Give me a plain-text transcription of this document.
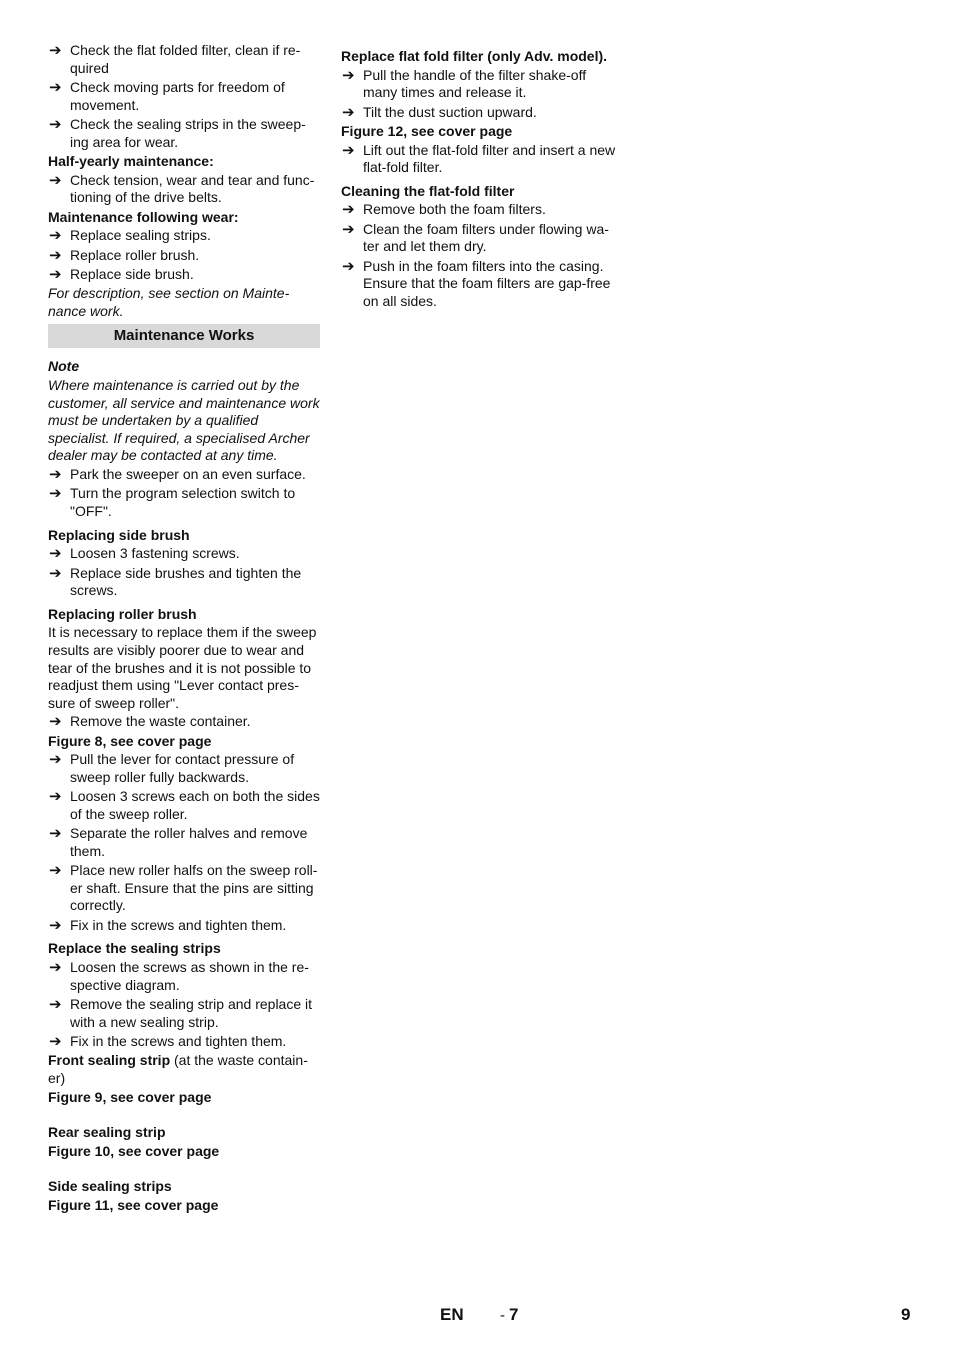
➔ Check the flat folded filter, clean if re-quired
➔ Check moving parts for freedom of movement.
➔ Check the sealing strips in the sweep-ing area for wear.
Half-yearly maintenance:
➔ Check tension, wear and tear and func-tioning of the drive belts.
Maintenance following wear:
➔ Replace sealing strips.
➔ Replace roller brush.
➔ Replace side brush.
For description, see section on Mainte-nance work.
Maintenance Works
Note
Where maintenance is carried out by the customer, all service and maintenance work must be undertaken by a qualified specialist. If required, a specialised Archer dealer may be contacted at any time.
➔ Park the sweeper on an even surface.
➔ Turn the program selection switch to "OFF".
Replacing side brush
➔ Loosen 3 fastening screws.
➔ Replace side brushes and tighten the screws.
Replacing roller brush
It is necessary to replace them if the sweep results are visibly poorer due to wear and tear of the brushes and it is not possible to readjust them using "Lever contact pres-sure of sweep roller".
➔ Remove the waste container.
Figure 8, see cover page
➔ Pull the lever for contact pressure of sweep roller fully backwards.
➔ Loosen 3 screws each on both the sides of the sweep roller.
➔ Separate the roller halves and remove them.
➔ Place new roller halfs on the sweep roll-er shaft. Ensure that the pins are sitting correctly.
➔ Fix in the screws and tighten them.
Replace the sealing strips
➔ Loosen the screws as shown in the re-spective diagram.
➔ Remove the sealing strip and replace it with a new sealing strip.
➔ Fix in the screws and tighten them.
Front sealing strip (at the waste contain-er)
Figure 9, see cover page
Rear sealing strip
Figure 10, see cover page
Side sealing strips
Figure 11, see cover page
Replace flat fold filter (only Adv. model).
➔ Pull the handle of the filter shake-off many times and release it.
➔ Tilt the dust suction upward.
Figure 12, see cover page
➔ Lift out the flat-fold filter and insert a new flat-fold filter.
Cleaning the flat-fold filter
➔ Remove both the foam filters.
➔ Clean the foam filters under flowing wa-ter and let them dry.
➔ Push in the foam filters into the casing. Ensure that the foam filters are gap-free on all sides.
EN - 7	9
